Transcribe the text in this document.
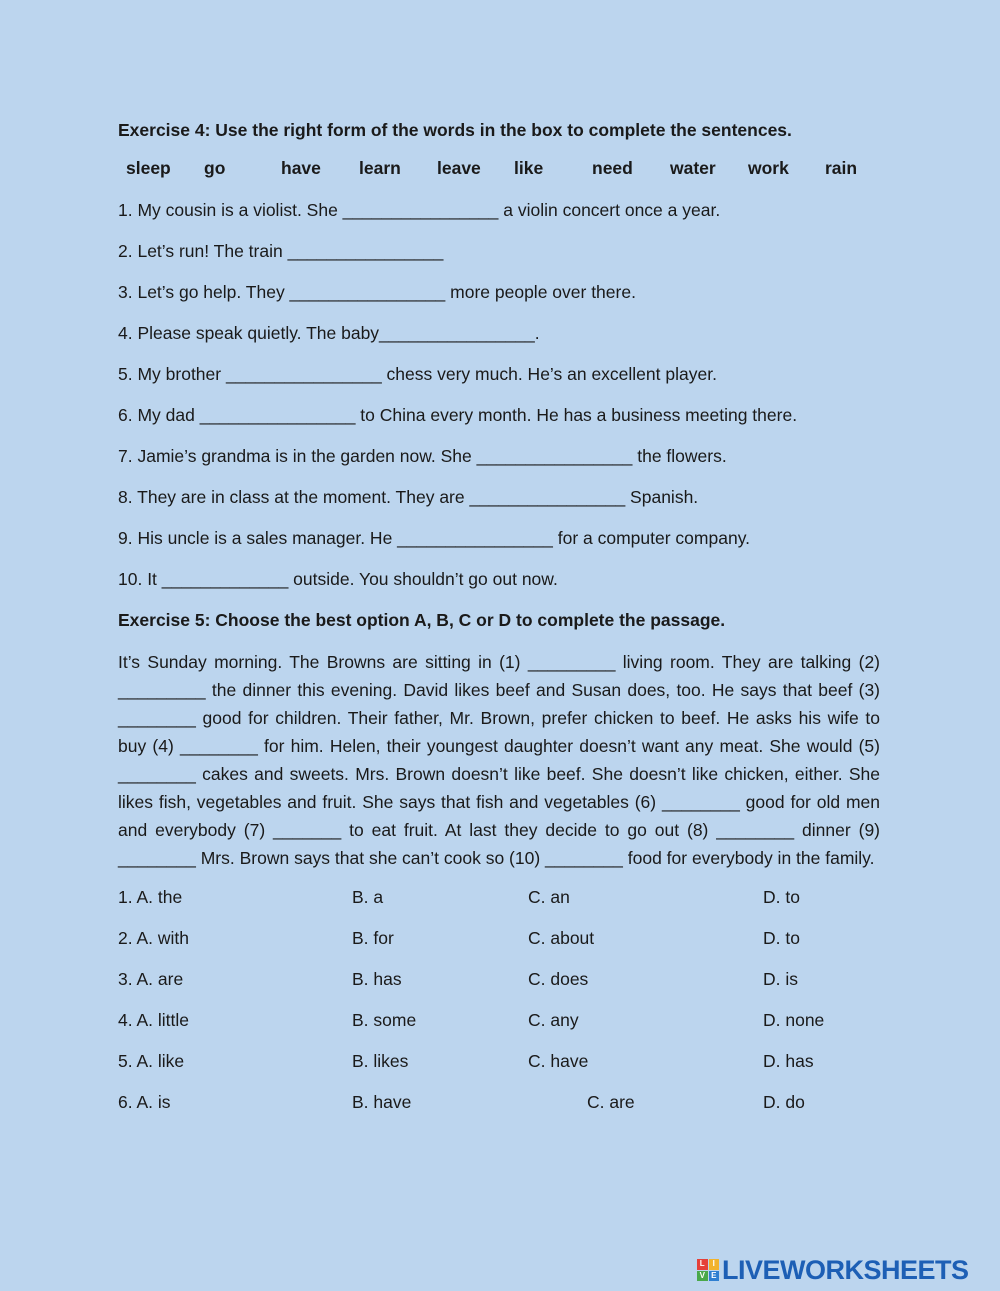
Exercise 4: Use the right form of the words in the box to complete the sentences.

sleep go	have learn leave like	need water work rain
1. My cousin is a violist. She ________________ a violin concert once a year.
2. Let’s run! The train ________________
3. Let’s go help. They ________________ more people over there.
4. Please speak quietly. The baby________________.
5. My brother ________________ chess very much. He’s an excellent player.
6. My dad ________________ to China every month. He has a business meeting there.
7. Jamie’s grandma is in the garden now. She ________________ the flowers.
8. They are in class at the moment. They are ________________ Spanish.
9. His uncle is a sales manager. He ________________ for a computer company.
10. It _____________ outside. You shouldn’t go out now.

Exercise 5: Choose the best option A, B, C or D to complete the passage.

It’s Sunday morning. The Browns are sitting in (1) _________ living room. They are talking (2) _________ the dinner this evening. David likes beef and Susan does, too. He says that beef (3) ________ good for children. Their father, Mr. Brown, prefer chicken to beef. He asks his wife to buy (4) ________ for him. Helen, their youngest daughter doesn’t want any meat. She would (5) ________ cakes and sweets. Mrs. Brown doesn’t like beef. She doesn’t like chicken, either. She likes fish, vegetables and fruit. She says that fish and vegetables (6) ________ good for old men and everybody (7) _______ to eat fruit. At last they decide to go out (8) ________ dinner (9) ________ Mrs. Brown says that she can’t cook so (10) ________ food for everybody in the family.
1. A. the	B. a	C. an	D. to
2. A. with	B. for	C. about	D. to
3. A. are	B. has	C. does	D. is
4. A. little	B. some	C. any	D. none
5. A. like	B. likes	C. have	D. has
6. A. is	B. have	C. are	D. do
L I
V E LIVEWORKSHEETS
